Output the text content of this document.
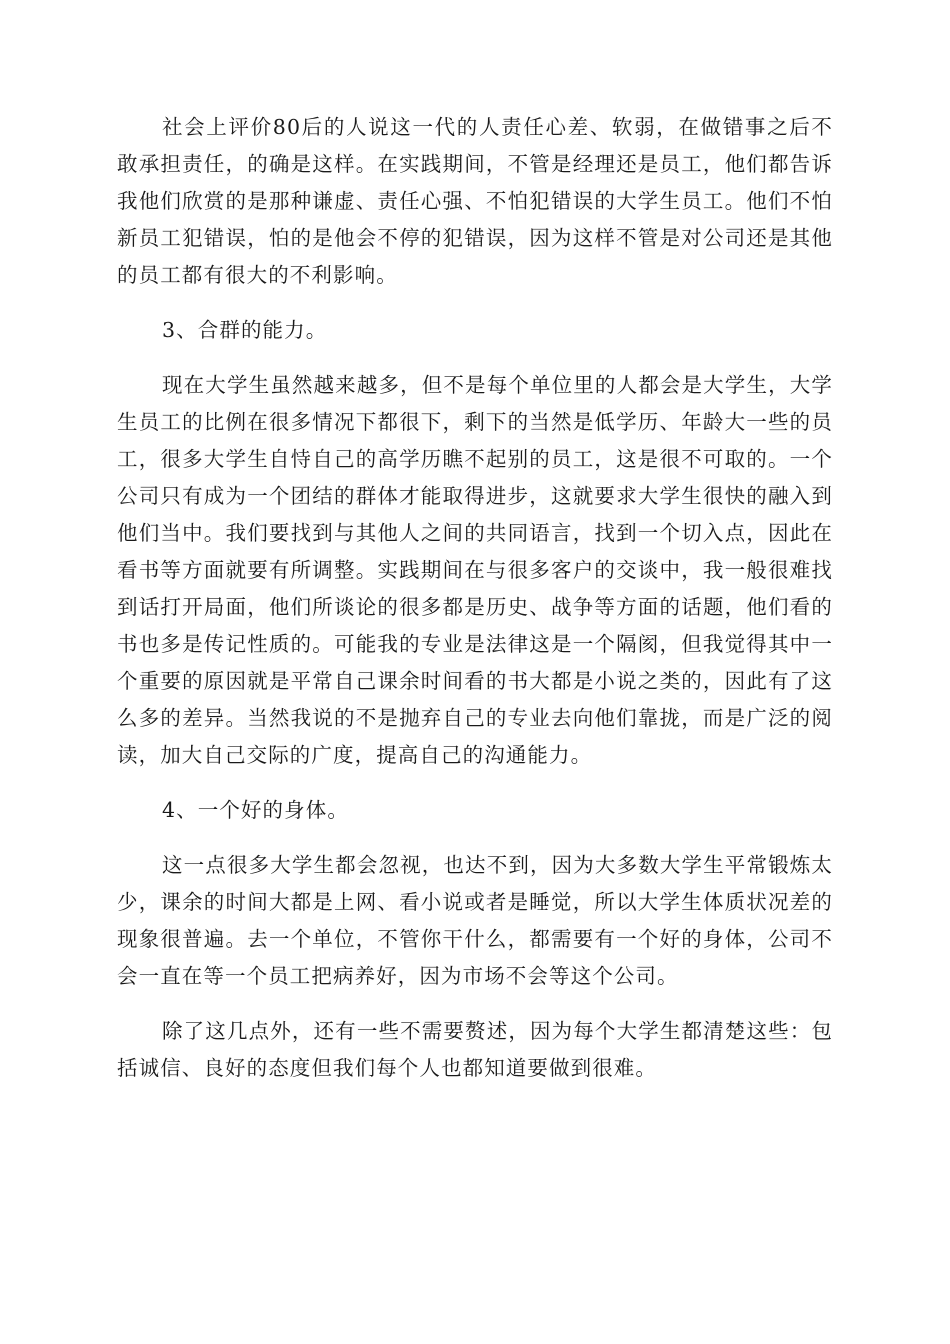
社会上评价80后的人说这一代的人责任心差、软弱，在做错事之后不敢承担责任，的确是这样。在实践期间，不管是经理还是员工，他们都告诉我他们欣赏的是那种谦虚、责任心强、不怕犯错误的大学生员工。他们不怕新员工犯错误，怕的是他会不停的犯错误，因为这样不管是对公司还是其他的员工都有很大的不利影响。

3、合群的能力。

现在大学生虽然越来越多，但不是每个单位里的人都会是大学生，大学生员工的比例在很多情况下都很下，剩下的当然是低学历、年龄大一些的员工，很多大学生自恃自己的高学历瞧不起别的员工，这是很不可取的。一个公司只有成为一个团结的群体才能取得进步，这就要求大学生很快的融入到他们当中。我们要找到与其他人之间的共同语言，找到一个切入点，因此在看书等方面就要有所调整。实践期间在与很多客户的交谈中，我一般很难找到话打开局面，他们所谈论的很多都是历史、战争等方面的话题，他们看的书也多是传记性质的。可能我的专业是法律这是一个隔阂，但我觉得其中一个重要的原因就是平常自己课余时间看的书大都是小说之类的，因此有了这么多的差异。当然我说的不是抛弃自己的专业去向他们靠拢，而是广泛的阅读，加大自己交际的广度，提高自己的沟通能力。

4、一个好的身体。

这一点很多大学生都会忽视，也达不到，因为大多数大学生平常锻炼太少，课余的时间大都是上网、看小说或者是睡觉，所以大学生体质状况差的现象很普遍。去一个单位，不管你干什么，都需要有一个好的身体，公司不会一直在等一个员工把病养好，因为市场不会等这个公司。

除了这几点外，还有一些不需要赘述，因为每个大学生都清楚这些：包括诚信、良好的态度但我们每个人也都知道要做到很难。
